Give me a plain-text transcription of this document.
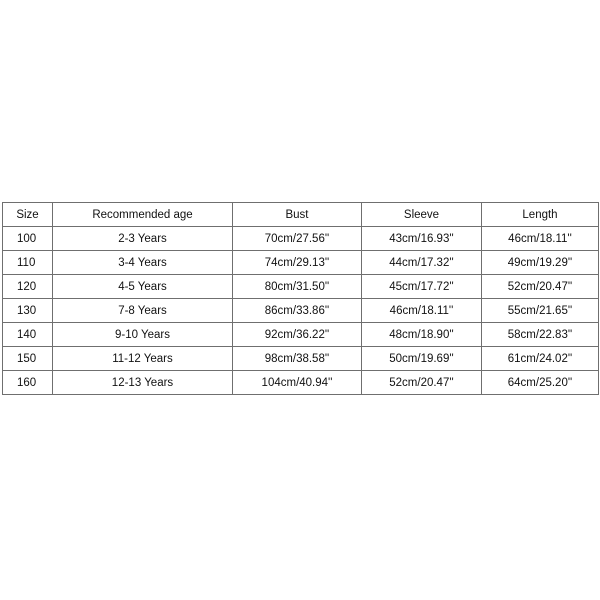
Size	Recommended age	Bust	Sleeve	Length
100	2-3 Years	70cm/27.56''	43cm/16.93''	46cm/18.11''
110	3-4 Years	74cm/29.13''	44cm/17.32''	49cm/19.29''
120	4-5 Years	80cm/31.50''	45cm/17.72''	52cm/20.47''
130	7-8 Years	86cm/33.86''	46cm/18.11''	55cm/21.65''
140	9-10 Years	92cm/36.22''	48cm/18.90''	58cm/22.83''
150	11-12 Years	98cm/38.58''	50cm/19.69''	61cm/24.02''
160	12-13 Years	104cm/40.94''	52cm/20.47''	64cm/25.20''
